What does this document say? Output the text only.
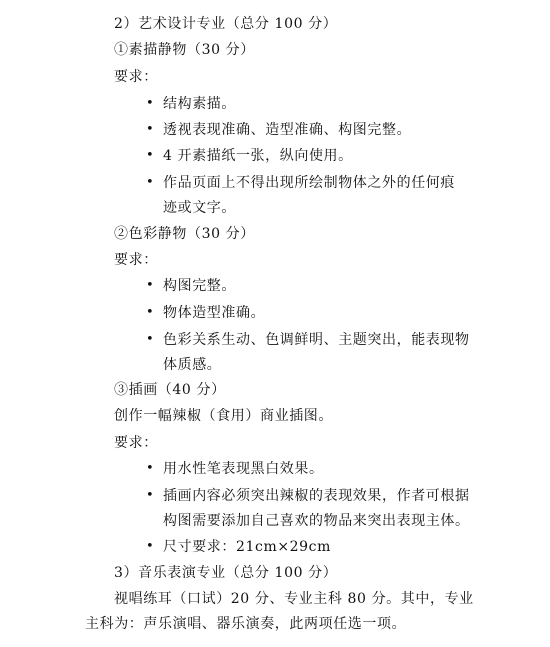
2）艺术设计专业（总分 100 分）
①素描静物（30 分）
要求：
• 结构素描。
• 透视表现准确、造型准确、构图完整。
• 4 开素描纸一张，纵向使用。
• 作品页面上不得出现所绘制物体之外的任何痕
迹或文字。
②色彩静物（30 分）
要求：
• 构图完整。
• 物体造型准确。
• 色彩关系生动、色调鲜明、主题突出，能表现物
体质感。
③插画（40 分）
创作一幅辣椒（食用）商业插图。
要求：
• 用水性笔表现黑白效果。
• 插画内容必须突出辣椒的表现效果，作者可根据
构图需要添加自己喜欢的物品来突出表现主体。
• 尺寸要求：21cm×29cm
3）音乐表演专业（总分 100 分）
视唱练耳（口试）20 分、专业主科 80 分。其中，专业
主科为：声乐演唱、器乐演奏，此两项任选一项。
